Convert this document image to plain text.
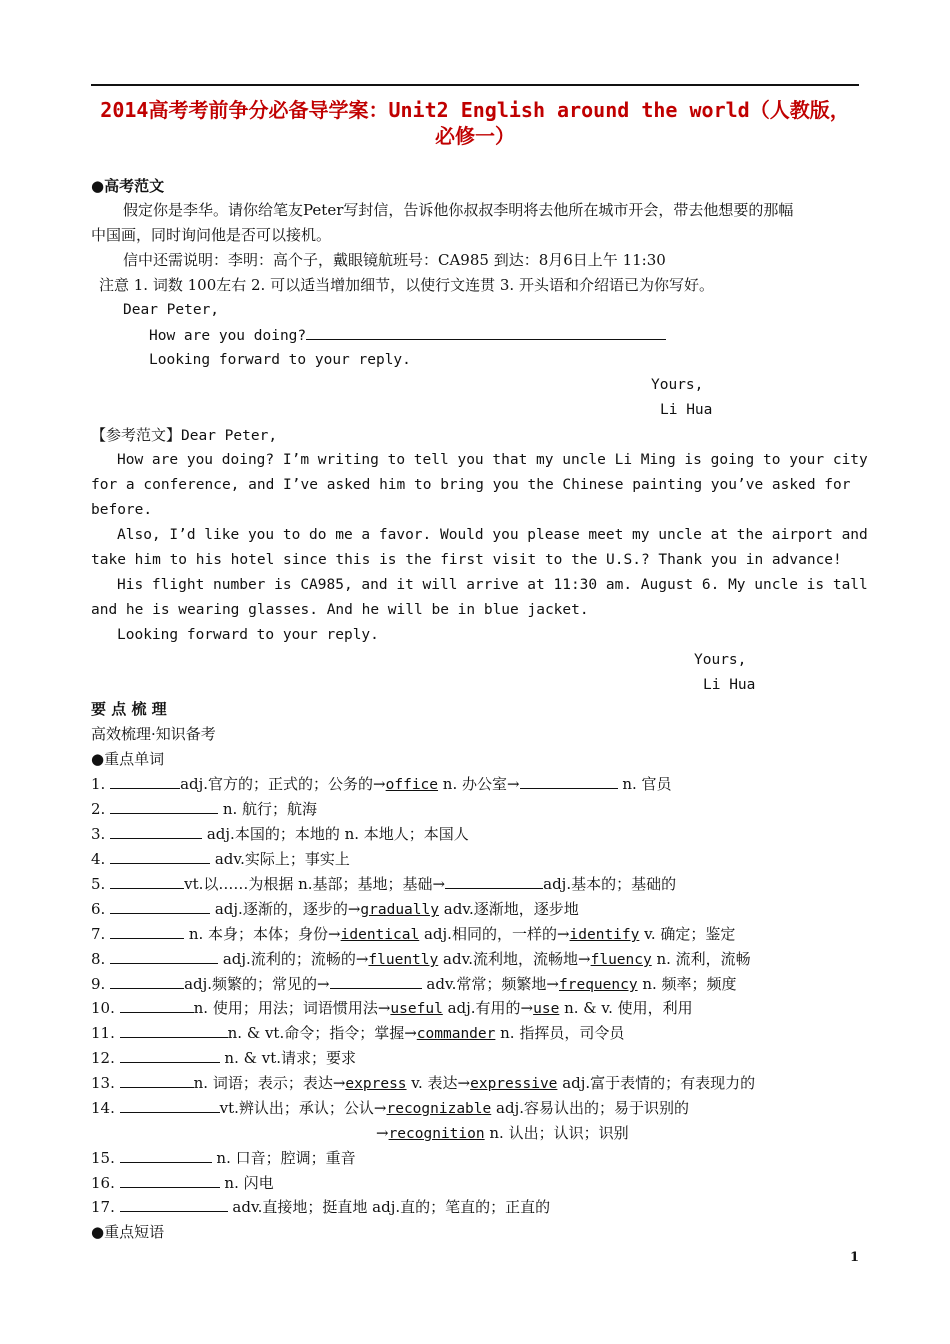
2014高考考前争分必备导学案：Unit2 English around the world（人教版，必修一）
●高考范文
假定你是李华。请你给笔友Peter写封信，告诉他你叔叔李明将去他所在城市开会，带去他想要的那幅
中国画，同时询问他是否可以接机。
信中还需说明：李明：高个子，戴眼镜航班号：CA985 到达：8月6日上午 11:30
注意 1. 词数 100左右 2. 可以适当增加细节，以使行文连贯 3. 开头语和介绍语已为你写好。
Dear Peter,
How are you doing?
Looking forward to your reply.
Yours,
Li Hua
【参考范文】Dear Peter,
How are you doing? I’m writing to tell you that my uncle Li Ming is going to your city
for a conference, and I’ve asked him to bring you the Chinese painting you’ve asked for
before.
Also, I’d like you to do me a favor. Would you please meet my uncle at the airport and
take him to his hotel since this is the first visit to the U.S.? Thank you in advance!
His flight number is CA985, and it will arrive at 11:30 am. August 6. My uncle is tall
and he is wearing glasses. And he will be in blue jacket.
Looking forward to your reply.
Yours,
Li Hua
要 点 梳 理
高效梳理·知识备考
●重点单词
1.	adj.官方的；正式的；公务的→office n. 办公室→	n. 官员
2.	n. 航行；航海
3.	adj.本国的；本地的 n. 本地人；本国人
4.	adv.实际上；事实上
5.	vt.以……为根据 n.基部；基地；基础→	adj.基本的；基础的
6.	adj.逐渐的，逐步的→gradually adv.逐渐地，逐步地
7.	n. 本身；本体；身份→identical adj.相同的，一样的→identify v. 确定；鉴定
8.	adj.流利的；流畅的→fluently adv.流利地，流畅地→fluency n. 流利，流畅
9.	adj.频繁的；常见的→	adv.常常；频繁地→frequency n. 频率；频度
10.	n. 使用；用法；词语惯用法→useful adj.有用的→use n. & v. 使用，利用
11.	n. & vt.命令；指令；掌握→commander n. 指挥员，司令员
12.	n. & vt.请求；要求
13.	n. 词语；表示；表达→express v. 表达→expressive adj.富于表情的；有表现力的
14.	vt.辨认出；承认；公认→recognizable adj.容易认出的；易于识别的
→recognition n. 认出；认识；识别
15.	n. 口音；腔调；重音
16.	n. 闪电
17.	adv.直接地；挺直地 adj.直的；笔直的；正直的
●重点短语
1
